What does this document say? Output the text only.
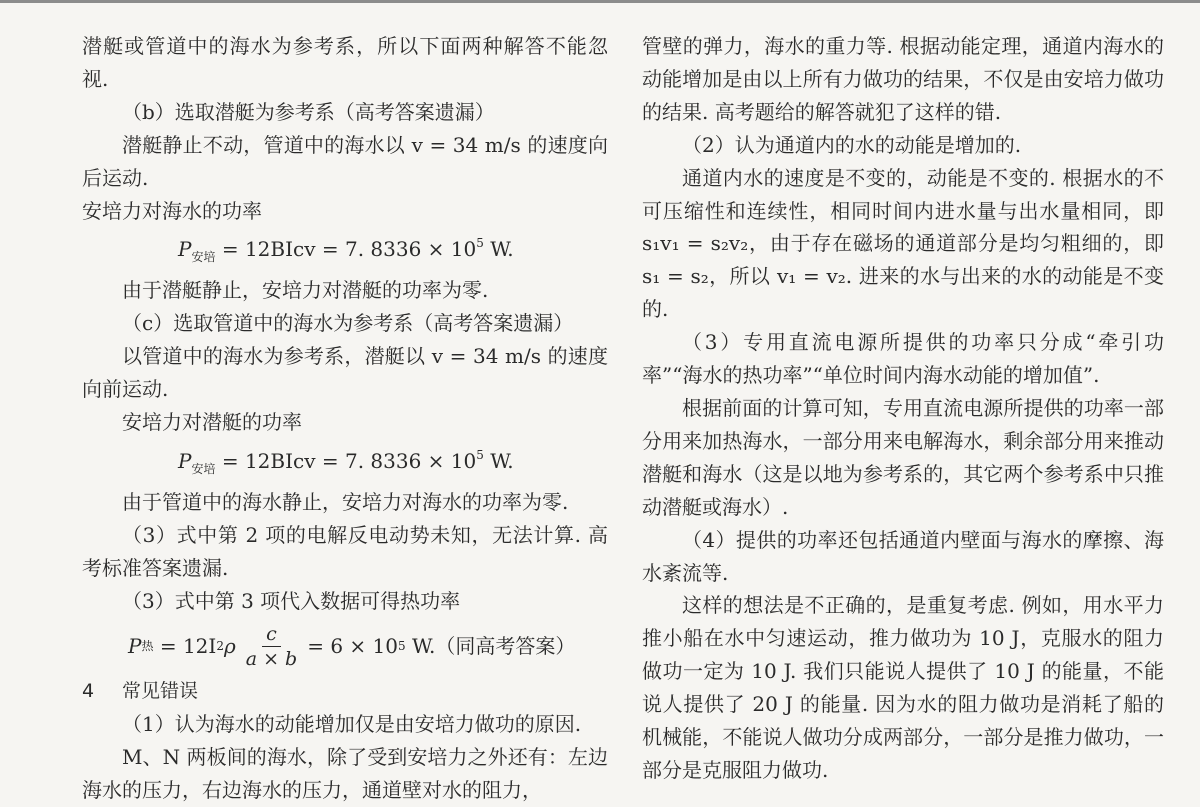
潜艇或管道中的海水为参考系，所以下面两种解答不能忽视.

（b）选取潜艇为参考系（高考答案遗漏）

潜艇静止不动，管道中的海水以 v = 34 m/s 的速度向后运动.

安培力对海水的功率

$P_{安培}$ = 12BIcv = 7. $8336 \times 10^5$ W.

由于潜艇静止，安培力对潜艇的功率为零.

（c）选取管道中的海水为参考系（高考答案遗漏）

以管道中的海水为参考系，潜艇以 v = 34 m/s 的速度向前运动.

安培力对潜艇的功率

$P_{安培}$ = 12BIcv = 7. $8336 \times 10^5$ W.

由于管道中的海水静止，安培力对海水的功率为零.

（3）式中第 2 项的电解反电动势未知，无法计算. 高考标准答案遗漏.

（3）式中第 3 项代入数据可得热功率

P 热
= 12I 2 ρ $\frac{c}{a \times b} = 6 \times 10$ 5
W.（同高考答案）

4 常见错误

（1）认为海水的动能增加仅是由安培力做功的原因.

M、N 两板间的海水，除了受到安培力之外还有：左边海水的压力，右边海水的压力，通道壁对水的阻力，

管壁的弹力，海水的重力等. 根据动能定理，通道内海水的动能增加是由以上所有力做功的结果，不仅是由安培力做功的结果. 高考题给的解答就犯了这样的错.

（2）认为通道内的水的动能是增加的.

通道内水的速度是不变的，动能是不变的. 根据水的不可压缩性和连续性，相同时间内进水量与出水量相同，即 s₁v₁ = s₂v₂，由于存在磁场的通道部分是均匀粗细的，即 s₁ = s₂，所以 v₁ = v₂. 进来的水与出来的水的动能是不变的.

（3）专用直流电源所提供的功率只分成“牵引功率”“海水的热功率”“单位时间内海水动能的增加值”.

根据前面的计算可知，专用直流电源所提供的功率一部分用来加热海水，一部分用来电解海水，剩余部分用来推动潜艇和海水（这是以地为参考系的，其它两个参考系中只推动潜艇或海水）.

（4）提供的功率还包括通道内壁面与海水的摩擦、海水紊流等.

这样的想法是不正确的，是重复考虑. 例如，用水平力推小船在水中匀速运动，推力做功为 10 J，克服水的阻力做功一定为 10 J. 我们只能说人提供了 10 J 的能量，不能说人提供了 20 J 的能量. 因为水的阻力做功是消耗了船的机械能，不能说人做功分成两部分，一部分是推力做功，一部分是克服阻力做功.
